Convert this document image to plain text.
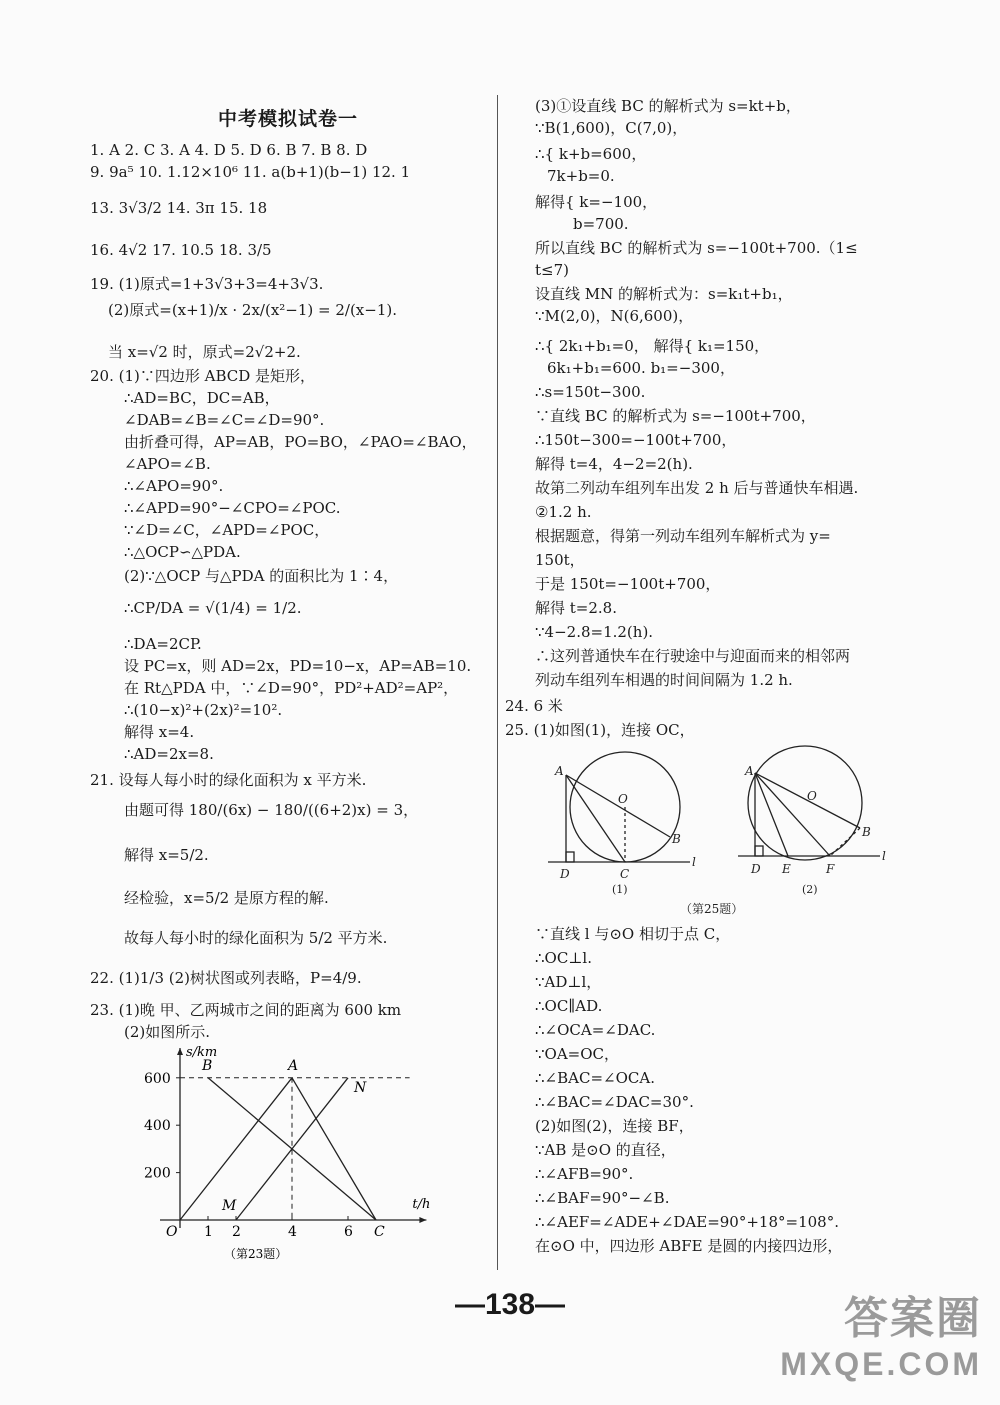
中考模拟试卷一
1. A 2. C 3. A 4. D 5. D 6. B 7. B 8. D
9. 9a⁵ 10. 1.12×10⁶ 11. a(b+1)(b−1) 12. 1
13. 3√3/2 14. 3π 15. 18
16. 4√2 17. 10.5 18. 3/5
19. (1)原式=1+3√3+3=4+3√3.
(2)原式=(x+1)/x · 2x/(x²−1) = 2/(x−1).
当 x=√2 时，原式=2√2+2.
20. (1)∵四边形 ABCD 是矩形，
∴AD=BC，DC=AB，
∠DAB=∠B=∠C=∠D=90°.
由折叠可得，AP=AB，PO=BO，∠PAO=∠BAO，
∠APO=∠B.
∴∠APO=90°.
∴∠APD=90°−∠CPO=∠POC.
∵∠D=∠C，∠APD=∠POC，
∴△OCP∽△PDA.
(2)∵△OCP 与△PDA 的面积比为 1∶4，
∴CP/DA = √(1/4) = 1/2.
∴DA=2CP.
设 PC=x，则 AD=2x，PD=10−x，AP=AB=10.
在 Rt△PDA 中，∵∠D=90°，PD²+AD²=AP²，
∴(10−x)²+(2x)²=10².
解得 x=4.
∴AD=2x=8.
21. 设每人每小时的绿化面积为 x 平方米.
由题可得 180/(6x) − 180/((6+2)x) = 3，
解得 x=5/2.
经检验，x=5/2 是原方程的解.
故每人每小时的绿化面积为 5/2 平方米.
22. (1)1/3 (2)树状图或列表略，P=4/9.
23. (1)晚 甲、乙两城市之间的距离为 600 km
(2)如图所示.
(3)①设直线 BC 的解析式为 s=kt+b，
∵B(1,600)，C(7,0)，
∴{ k+b=600，
7k+b=0.
解得{ k=−100，
b=700.
所以直线 BC 的解析式为 s=−100t+700.（1≤
t≤7)
设直线 MN 的解析式为：s=k₁t+b₁，
∵M(2,0)，N(6,600)，
∴{ 2k₁+b₁=0， 解得{ k₁=150，
6k₁+b₁=600. b₁=−300，
∴s=150t−300.
∵直线 BC 的解析式为 s=−100t+700，
∴150t−300=−100t+700，
解得 t=4，4−2=2(h).
故第二列动车组列车出发 2 h 后与普通快车相遇.
②1.2 h.
根据题意，得第一列动车组列车解析式为 y=
150t，
于是 150t=−100t+700，
解得 t=2.8.
∵4−2.8=1.2(h).
∴这列普通快车在行驶途中与迎面而来的相邻两
列动车组列车相遇的时间间隔为 1.2 h.
24. 6 米
25. (1)如图(1)，连接 OC，
∵直线 l 与⊙O 相切于点 C，
∴OC⊥l.
∵AD⊥l，
∴OC∥AD.
∴∠OCA=∠DAC.
∵OA=OC，
∴∠BAC=∠OCA.
∴∠BAC=∠DAC=30°.
(2)如图(2)，连接 BF，
∵AB 是⊙O 的直径，
∴∠AFB=90°.
∴∠BAF=90°−∠B.
∴∠AEF=∠ADE+∠DAE=90°+18°=108°.
在⊙O 中，四边形 ABFE 是圆的内接四边形，
s/km
t/h
O
200
400
600
1 2	4	6
B	A
N
M
C
（第23题）
A
O
B
D	C
l
(1)
A
O
B
D E	F
l
(2)
（第25题）
—138—	答案圈
MXQE.COM
